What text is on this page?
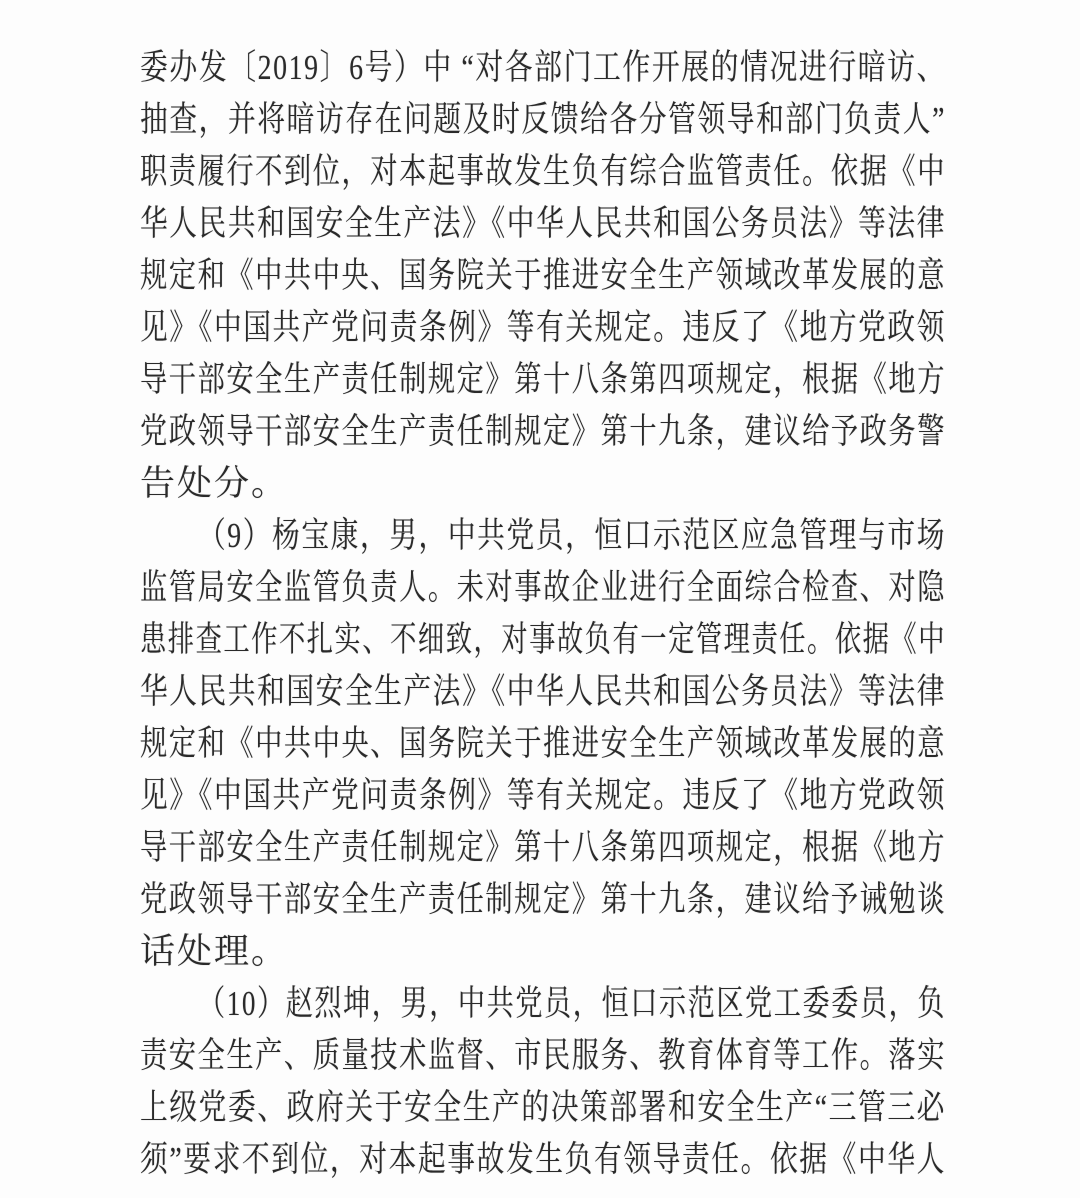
委办发〔2019〕6号）中 “对各部门工作开展的情况进行暗访、
抽查，并将暗访存在问题及时反馈给各分管领导和部门负责人”
职责履行不到位，对本起事故发生负有综合监管责任。依据《中
华人民共和国安全生产法》《中华人民共和国公务员法》等法律
规定和《中共中央、国务院关于推进安全生产领域改革发展的意
见》《中国共产党问责条例》等有关规定。违反了《地方党政领
导干部安全生产责任制规定》第十八条第四项规定，根据《地方
党政领导干部安全生产责任制规定》第十九条，建议给予政务警
告处分。
（9）杨宝康，男，中共党员，恒口示范区应急管理与市场
监管局安全监管负责人。未对事故企业进行全面综合检查、对隐
患排查工作不扎实、不细致，对事故负有一定管理责任。依据《中
华人民共和国安全生产法》《中华人民共和国公务员法》等法律
规定和《中共中央、国务院关于推进安全生产领域改革发展的意
见》《中国共产党问责条例》等有关规定。违反了《地方党政领
导干部安全生产责任制规定》第十八条第四项规定，根据《地方
党政领导干部安全生产责任制规定》第十九条，建议给予诫勉谈
话处理。
（10）赵烈坤，男，中共党员，恒口示范区党工委委员，负
责安全生产、质量技术监督、市民服务、教育体育等工作。落实
上级党委、政府关于安全生产的决策部署和安全生产“三管三必
须”要求不到位，对本起事故发生负有领导责任。依据《中华人
